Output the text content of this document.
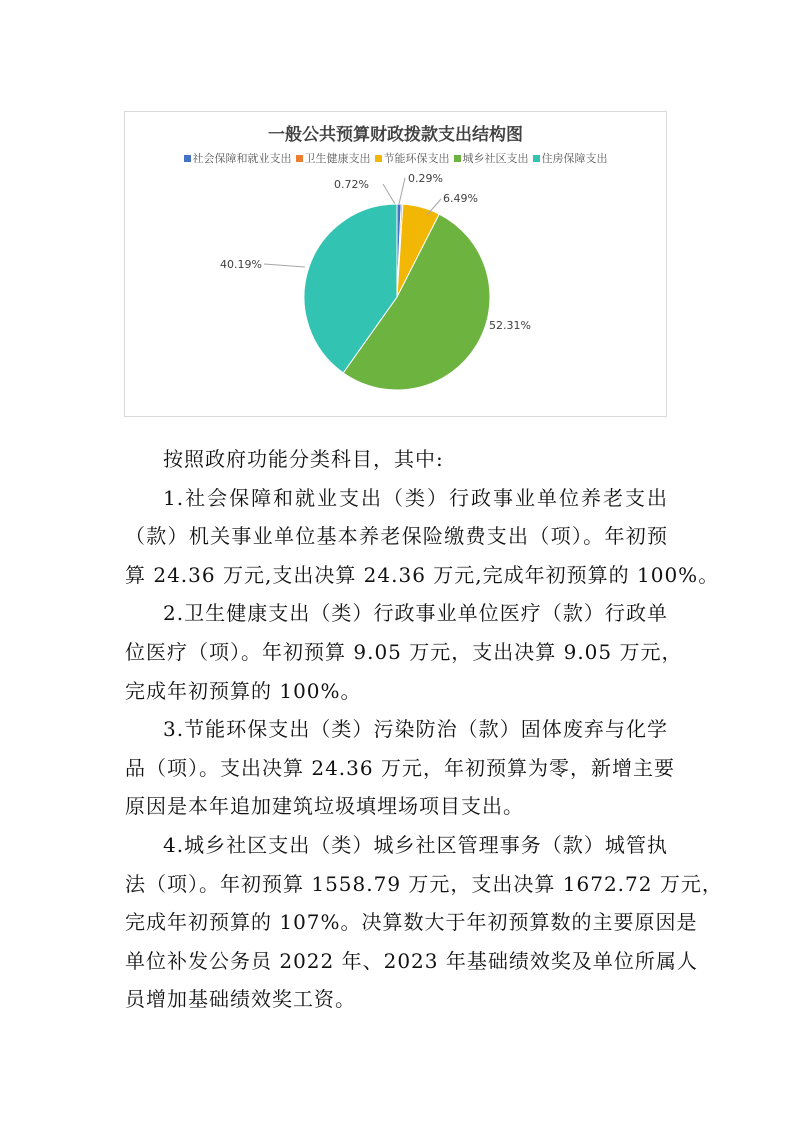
一般公共预算财政拨款支出结构图
社会保障和就业支出 卫生健康支出 节能环保支出 城乡社区支出 住房保障支出
0.72%	0.29%
6.49%
52.31%
40.19%
按照政府功能分类科目，其中:
1.社会保障和就业支出（类）行政事业单位养老支出
（款）机关事业单位基本养老保险缴费支出（项）。年初预
算 24.36 万元,支出决算 24.36 万元,完成年初预算的 100%。
2.卫生健康支出（类）行政事业单位医疗（款）行政单
位医疗（项）。年初预算 9.05 万元，支出决算 9.05 万元，
完成年初预算的 100%。
3.节能环保支出（类）污染防治（款）固体废弃与化学
品（项）。支出决算 24.36 万元，年初预算为零，新增主要
原因是本年追加建筑垃圾填埋场项目支出。
4.城乡社区支出（类）城乡社区管理事务（款）城管执
法（项）。年初预算 1558.79 万元，支出决算 1672.72 万元，
完成年初预算的 107%。决算数大于年初预算数的主要原因是
单位补发公务员 2022 年、2023 年基础绩效奖及单位所属人
员增加基础绩效奖工资。
